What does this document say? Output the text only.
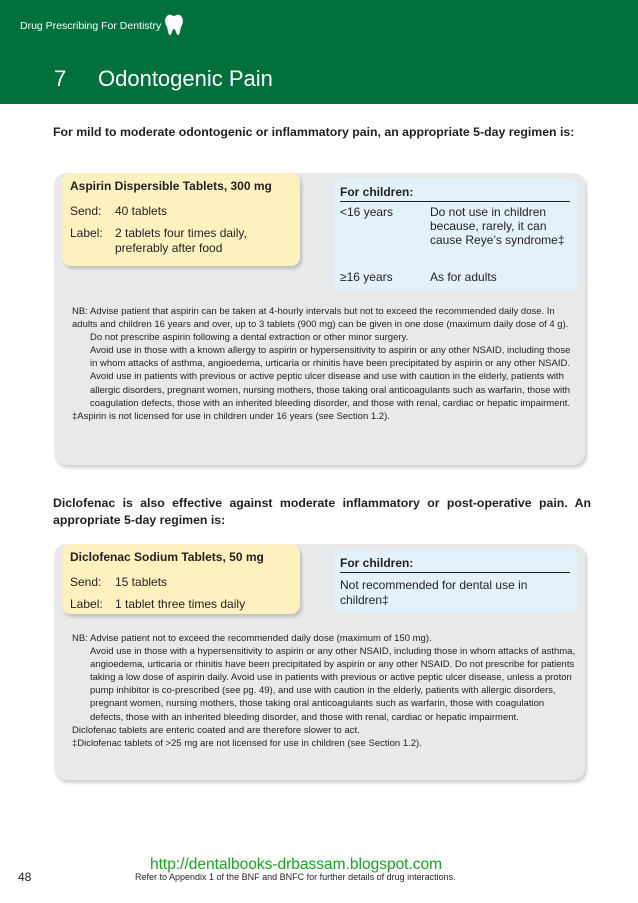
Drug Prescribing For Dentistry
7 Odontogenic Pain
For mild to moderate odontogenic or inflammatory pain, an appropriate 5-day regimen is:
Aspirin Dispersible Tablets, 300 mg
Send: 40 tablets
Label: 2 tablets four times daily, preferably after food
For children:
<16 years	Do not use in children because, rarely, it can cause Reye’s syndrome‡
≥16 years	As for adults

NB: Advise patient that aspirin can be taken at 4-hourly intervals but not to exceed the recommended daily dose. In adults and children 16 years and over, up to 3 tablets (900 mg) can be given in one dose (maximum daily dose of 4 g).

Do not prescribe aspirin following a dental extraction or other minor surgery.

Avoid use in those with a known allergy to aspirin or hypersensitivity to aspirin or any other NSAID, including those in whom attacks of asthma, angioedema, urticaria or rhinitis have been precipitated by aspirin or any other NSAID. Avoid use in patients with previous or active peptic ulcer disease and use with caution in the elderly, patients with allergic disorders, pregnant women, nursing mothers, those taking oral anticoagulants such as warfarin, those with coagulation defects, those with an inherited bleeding disorder, and those with renal, cardiac or hepatic impairment.

‡Aspirin is not licensed for use in children under 16 years (see Section 1.2).

Diclofenac is also effective against moderate inflammatory or post-operative pain. An appropriate 5-day regimen is:
Diclofenac Sodium Tablets, 50 mg
Send: 15 tablets
Label: 1 tablet three times daily
For children:
Not recommended for dental use in children‡

NB: Advise patient not to exceed the recommended daily dose (maximum of 150 mg).

Avoid use in those with a hypersensitivity to aspirin or any other NSAID, including those in whom attacks of asthma, angioedema, urticaria or rhinitis have been precipitated by aspirin or any other NSAID. Do not prescribe for patients taking a low dose of aspirin daily. Avoid use in patients with previous or active peptic ulcer disease, unless a proton pump inhibitor is co-prescribed (see pg. 49), and use with caution in the elderly, patients with allergic disorders, pregnant women, nursing mothers, those taking oral anticoagulants such as warfarin, those with coagulation defects, those with an inherited bleeding disorder, and those with renal, cardiac or hepatic impairment.

Diclofenac tablets are enteric coated and are therefore slower to act.

‡Diclofenac tablets of >25 mg are not licensed for use in children (see Section 1.2).

http://dentalbooks-drbassam.blogspot.com
Refer to Appendix 1 of the BNF and BNFC for further details of drug interactions.
48
